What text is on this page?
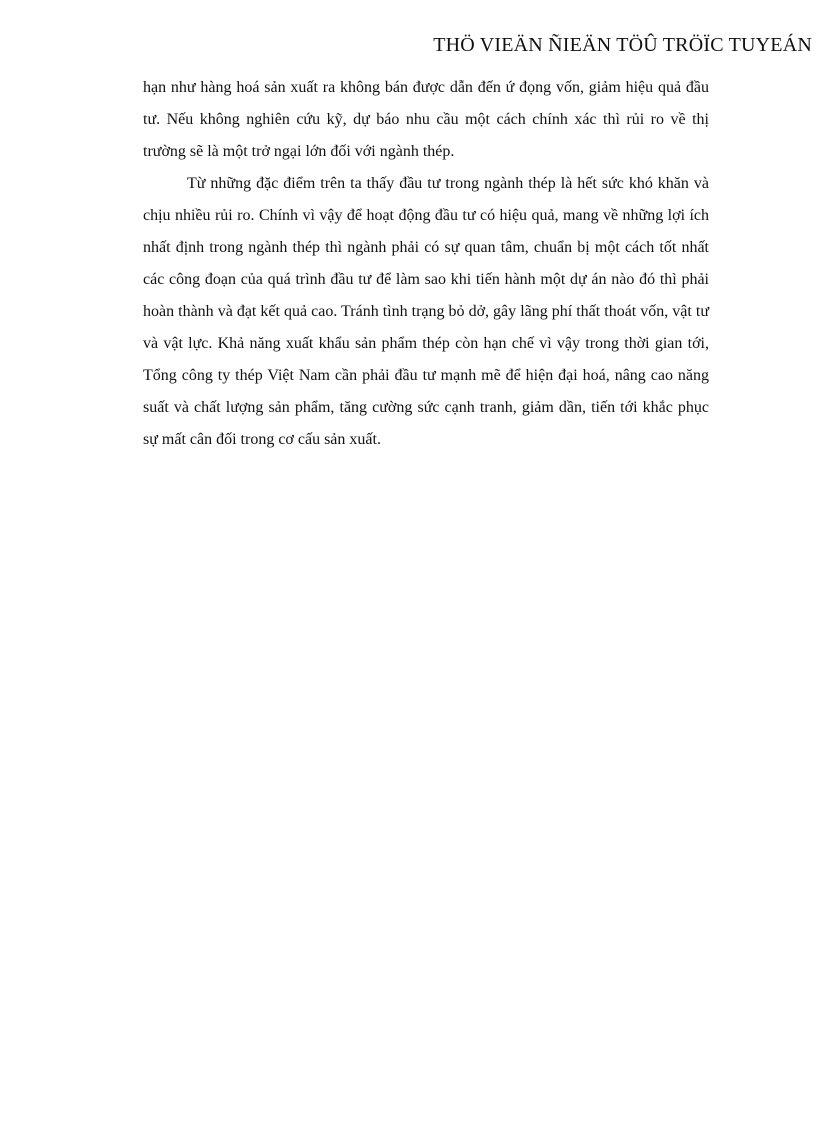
THÖ VIEÄN ÑIEÄN TÖÛ TRÖÏC TUYEÁN

hạn như hàng hoá sản xuất ra không bán được dẫn đến ứ đọng vốn, giảm hiệu quả đầu tư. Nếu không nghiên cứu kỹ, dự báo nhu cầu một cách chính xác thì rủi ro về thị trường sẽ là một trở ngại lớn đối với ngành thép.

Từ những đặc điểm trên ta thấy đầu tư trong ngành thép là hết sức khó khăn và chịu nhiều rủi ro. Chính vì vậy để hoạt động đầu tư có hiệu quả, mang về những lợi ích nhất định trong ngành thép thì ngành phải có sự quan tâm, chuẩn bị một cách tốt nhất các công đoạn của quá trình đầu tư để làm sao khi tiến hành một dự án nào đó thì phải hoàn thành và đạt kết quả cao. Tránh tình trạng bỏ dở, gây lãng phí thất thoát vốn, vật tư và vật lực. Khả năng xuất khẩu sản phẩm thép còn hạn chế vì vậy trong thời gian tới, Tổng công ty thép Việt Nam cần phải đầu tư mạnh mẽ để hiện đại hoá, nâng cao năng suất và chất lượng sản phẩm, tăng cường sức cạnh tranh, giảm dần, tiến tới khắc phục sự mất cân đối trong cơ cấu sản xuất.
